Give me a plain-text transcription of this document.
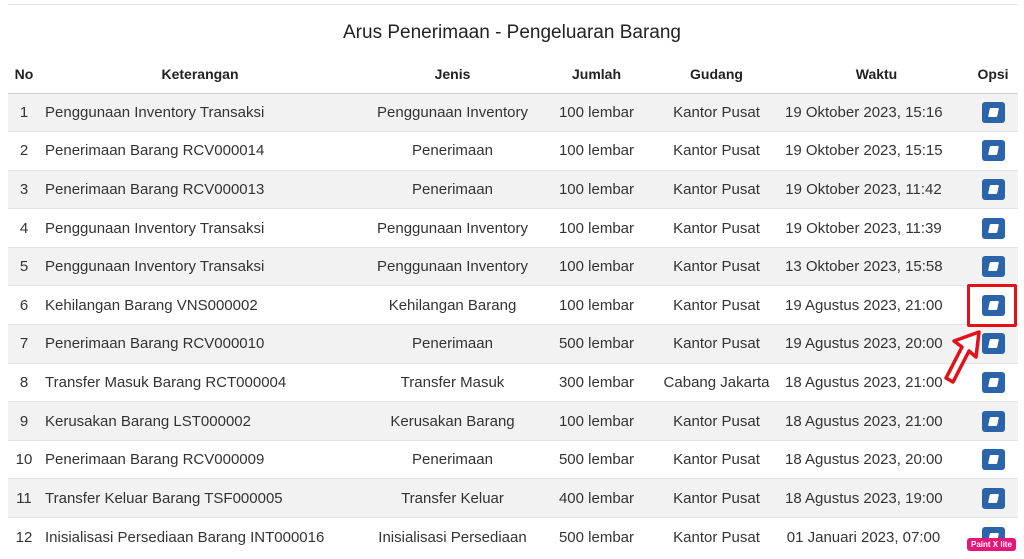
Arus Penerimaan - Pengeluaran Barang
No	Keterangan	Jenis	Jumlah	Gudang	Waktu	Opsi
1	Penggunaan Inventory Transaksi	Penggunaan Inventory	100 lembar	Kantor Pusat	19 Oktober 2023, 15:16	

2	Penerimaan Barang RCV000014	Penerimaan	100 lembar	Kantor Pusat	19 Oktober 2023, 15:15	

3	Penerimaan Barang RCV000013	Penerimaan	100 lembar	Kantor Pusat	19 Oktober 2023, 11:42	

4	Penggunaan Inventory Transaksi	Penggunaan Inventory	100 lembar	Kantor Pusat	19 Oktober 2023, 11:39	

5	Penggunaan Inventory Transaksi	Penggunaan Inventory	100 lembar	Kantor Pusat	13 Oktober 2023, 15:58	

6	Kehilangan Barang VNS000002	Kehilangan Barang	100 lembar	Kantor Pusat	19 Agustus 2023, 21:00	

7	Penerimaan Barang RCV000010	Penerimaan	500 lembar	Kantor Pusat	19 Agustus 2023, 20:00	

8	Transfer Masuk Barang RCT000004	Transfer Masuk	300 lembar	Cabang Jakarta	18 Agustus 2023, 21:00	

9	Kerusakan Barang LST000002	Kerusakan Barang	100 lembar	Kantor Pusat	18 Agustus 2023, 21:00	

10	Penerimaan Barang RCV000009	Penerimaan	500 lembar	Kantor Pusat	18 Agustus 2023, 20:00	

11	Transfer Keluar Barang TSF000005	Transfer Keluar	400 lembar	Kantor Pusat	18 Agustus 2023, 19:00	

12	Inisialisasi Persediaan Barang INT000016	Inisialisasi Persediaan	500 lembar	Kantor Pusat	01 Januari 2023, 07:00		Paint X lite
